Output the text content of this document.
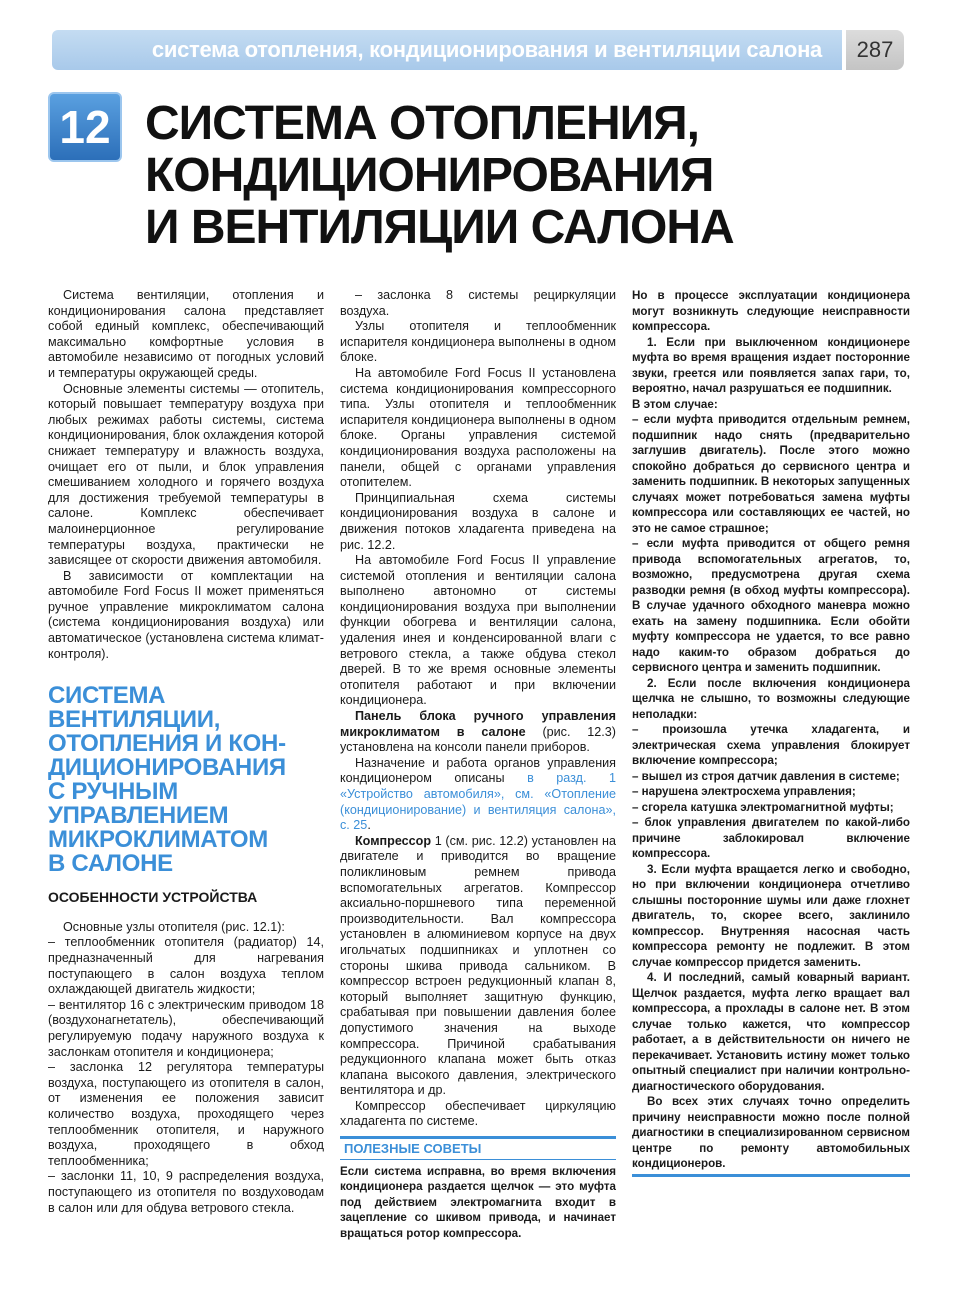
система отопления, кондиционирования и вентиляции салона 287
12 СИСТЕМА ОТОПЛЕНИЯ,
КОНДИЦИОНИРОВАНИЯ
И ВЕНТИЛЯЦИИ САЛОНА

Система вентиляции, отопления и кондиционирования салона представляет собой единый комплекс, обеспечивающий максимально комфортные условия в автомобиле независимо от погодных условий и температуры окружающей среды.

Основные элементы системы — отопитель, который повышает температуру воздуха при любых режимах работы системы, система кондиционирования, блок охлаждения которой снижает температуру и влажность воздуха, очищает его от пыли, и блок управления смешиванием холодного и горячего воздуха для достижения требуемой температуры в салоне. Комплекс обеспечивает малоинерционное регулирование температуры воздуха, практически не зависящее от скорости движения автомобиля.

В зависимости от комплектации на автомобиле Ford Focus II может применяться ручное управление микроклиматом салона (система кондиционирования воздуха) или автоматическое (установлена система климат-контроля).

СИСТЕМА
ВЕНТИЛЯЦИИ,
ОТОПЛЕНИЯ И КОН-
ДИЦИОНИРОВАНИЯ
С РУЧНЫМ
УПРАВЛЕНИЕМ
МИКРОКЛИМАТОМ
В САЛОНЕ
ОСОБЕННОСТИ УСТРОЙСТВА

Основные узлы отопителя (рис. 12.1):

– теплообменник отопителя (радиатор) 14, предназначенный для нагревания поступающего в салон воздуха теплом охлаждающей двигатель жидкости;

– вентилятор 16 с электрическим приводом 18 (воздухонагнетатель), обеспечивающий регулируемую подачу наружного воздуха к заслонкам отопителя и кондиционера;

– заслонка 12 регулятора температуры воздуха, поступающего из отопителя в салон, от изменения ее положения зависит количество воздуха, проходящего через теплообменник отопителя, и наружного воздуха, проходящего в обход теплообменника;

– заслонки 11, 10, 9 распределения воздуха, поступающего из отопителя по воздуховодам в салон или для обдува ветрового стекла.

– заслонка 8 системы рециркуляции воздуха.

Узлы отопителя и теплообменник испарителя кондиционера выполнены в одном блоке.

На автомобиле Ford Focus II установлена система кондиционирования компрессорного типа. Узлы отопителя и теплообменник испарителя кондиционера выполнены в одном блоке. Органы управления системой кондиционирования воздуха расположены на панели, общей с органами управления отопителем.

Принципиальная схема системы кондиционирования воздуха в салоне и движения потоков хладагента приведена на рис. 12.2.

На автомобиле Ford Focus II управление системой отопления и вентиляции салона выполнено автономно от системы кондиционирования воздуха при выполнении функции обогрева и вентиляции салона, удаления инея и конденсированной влаги с ветрового стекла, а также обдува стекол дверей. В то же время основные элементы отопителя работают и при включении кондиционера.

Панель блока ручного управления микроклиматом в салоне (рис. 12.3) установлена на консоли панели приборов.

Назначение и работа органов управления кондиционером описаны в разд. 1 «Устройство автомобиля», см. «Отопление (кондиционирование) и вентиляция салона», с. 25.

Компрессор 1 (см. рис. 12.2) установлен на двигателе и приводится во вращение поликлиновым ремнем привода вспомогательных агрегатов. Компрессор аксиально-поршневого типа переменной производительности. Вал компрессора установлен в алюминиевом корпусе на двух игольчатых подшипниках и уплотнен со стороны шкива привода сальником. В компрессор встроен редукционный клапан 8, который выполняет защитную функцию, срабатывая при повышении давления более допустимого значения на выходе компрессора. Причиной срабатывания редукционного клапана может быть отказ клапана высокого давления, электрического вентилятора и др.

Компрессор обеспечивает циркуляцию хладагента по системе.

ПОЛЕЗНЫЕ СОВЕТЫ

Если система исправна, во время включения кондиционера раздается щелчок — это муфта под действием электромагнита входит в зацепление со шкивом привода, и начинает вращаться ротор компрессора.

Но в процессе эксплуатации кондиционера могут возникнуть следующие неисправности компрессора.

1. Если при выключенном кондиционере муфта во время вращения издает посторонние звуки, греется или появляется запах гари, то, вероятно, начал разрушаться ее подшипник.

В этом случае:

– если муфта приводится отдельным ремнем, подшипник надо снять (предварительно заглушив двигатель). После этого можно спокойно добраться до сервисного центра и заменить подшипник. В некоторых запущенных случаях может потребоваться замена муфты компрессора или составляющих ее частей, но это не самое страшное;

– если муфта приводится от общего ремня привода вспомогательных агрегатов, то, возможно, предусмотрена другая схема разводки ремня (в обход муфты компрессора). В случае удачного обходного маневра можно ехать на замену подшипника. Если обойти муфту компрессора не удается, то все равно надо каким-то образом добраться до сервисного центра и заменить подшипник.

2. Если после включения кондиционера щелчка не слышно, то возможны следующие неполадки:

– произошла утечка хладагента, и электрическая схема управления блокирует включение компрессора;

– вышел из строя датчик давления в системе;

– нарушена электросхема управления;

– сгорела катушка электромагнитной муфты;

– блок управления двигателем по какой-либо причине заблокировал включение компрессора.

3. Если муфта вращается легко и свободно, но при включении кондиционера отчетливо слышны посторонние шумы или даже глохнет двигатель, то, скорее всего, заклинило компрессор. Внутренняя насосная часть компрессора ремонту не подлежит. В этом случае компрессор придется заменить.

4. И последний, самый коварный вариант. Щелчок раздается, муфта легко вращает вал компрессора, а прохлады в салоне нет. В этом случае только кажется, что компрессор работает, а в действительности он ничего не перекачивает. Установить истину может только опытный специалист при наличии контрольно-диагностического оборудования.

Во всех этих случаях точно определить причину неисправности можно после полной диагностики в специализированном сервисном центре по ремонту автомобильных кондиционеров.
